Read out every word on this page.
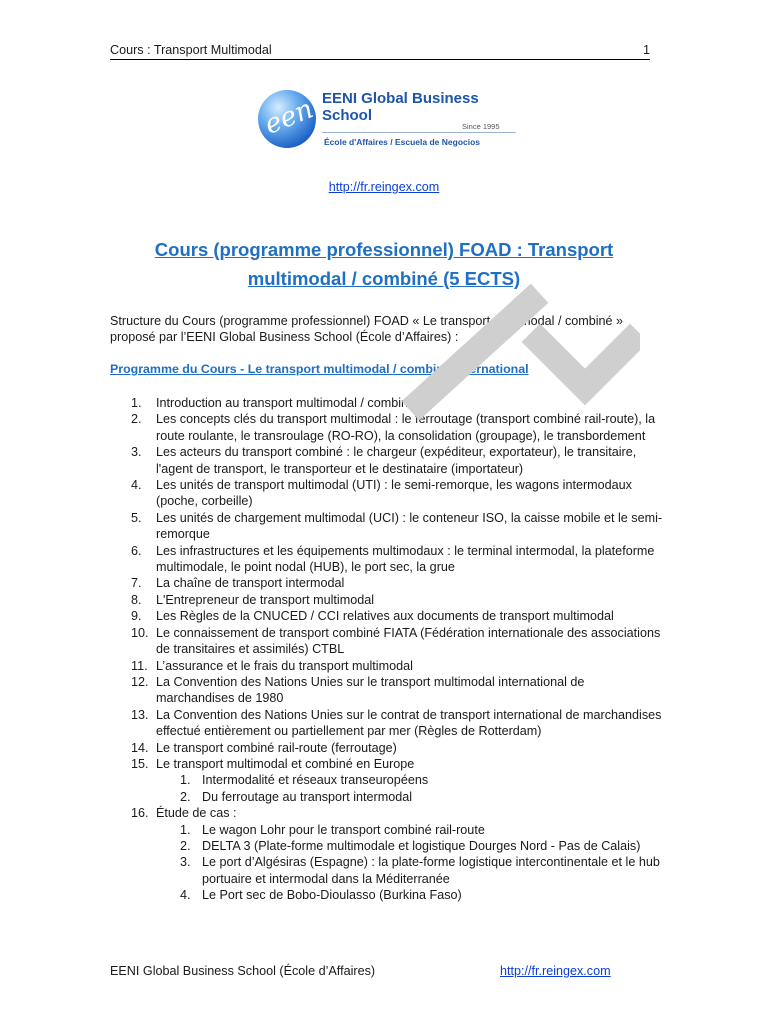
Cours : Transport Multimodal	1
eeni
EENI Global Business School
Since 1995
École d'Affaires / Escuela de Negocios
http://fr.reingex.com
Cours (programme professionnel) FOAD : Transport multimodal / combiné (5 ECTS)
Structure du Cours (programme professionnel) FOAD « Le transport multimodal / combiné » proposé par l’EENI Global Business School (École d’Affaires) :
Programme du Cours - Le transport multimodal / combiné international
1. Introduction au transport multimodal / combiné
2. Les concepts clés du transport multimodal : le ferroutage (transport combiné rail-route), la route roulante, le transroulage (RO-RO), la consolidation (groupage), le transbordement
3. Les acteurs du transport combiné : le chargeur (expéditeur, exportateur), le transitaire, l'agent de transport, le transporteur et le destinataire (importateur)
4. Les unités de transport multimodal (UTI) : le semi-remorque, les wagons intermodaux (poche, corbeille)
5. Les unités de chargement multimodal (UCI) : le conteneur ISO, la caisse mobile et le semi-remorque
6. Les infrastructures et les équipements multimodaux : le terminal intermodal, la plateforme multimodale, le point nodal (HUB), le port sec, la grue
7. La chaîne de transport intermodal
8. L'Entrepreneur de transport multimodal
9. Les Règles de la CNUCED / CCI relatives aux documents de transport multimodal
10. Le connaissement de transport combiné FIATA (Fédération internationale des associations de transitaires et assimilés) CTBL
11. L’assurance et le frais du transport multimodal
12. La Convention des Nations Unies sur le transport multimodal international de marchandises de 1980
13. La Convention des Nations Unies sur le contrat de transport international de marchandises effectué entièrement ou partiellement par mer (Règles de Rotterdam)
14. Le transport combiné rail-route (ferroutage)
15. Le transport multimodal et combiné en Europe
1. Intermodalité et réseaux transeuropéens
2. Du ferroutage au transport intermodal
16. Étude de cas :
1. Le wagon Lohr pour le transport combiné rail-route
2. DELTA 3 (Plate-forme multimodale et logistique Dourges Nord - Pas de Calais)
3. Le port d’Algésiras (Espagne) : la plate-forme logistique intercontinentale et le hub portuaire et intermodal dans la Méditerranée
4. Le Port sec de Bobo-Dioulasso (Burkina Faso)
EENI Global Business School (École d’Affaires)	http://fr.reingex.com
